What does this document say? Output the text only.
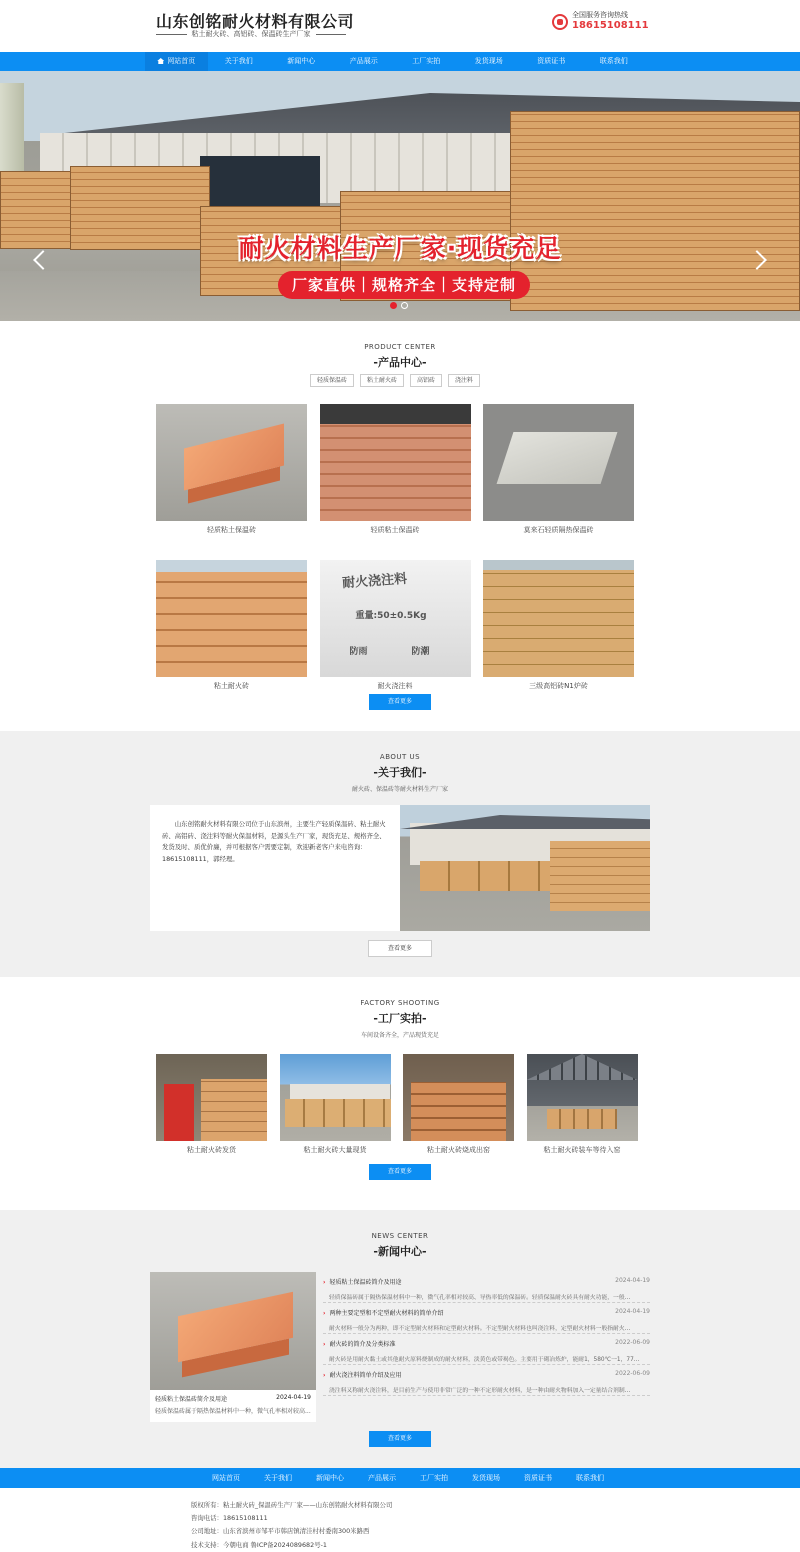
山东创铭耐火材料有限公司
粘土耐火砖、高铝砖、保温砖生产厂家
全国服务咨询热线
18615108111
网站首页	关于我们	新闻中心	产品展示	工厂实拍	发货现场	资质证书	联系我们
耐火材料生产厂家·现货充足
厂家直供｜规格齐全｜支持定制
PRODUCT CENTER
-产品中心-
轻质保温砖	粘土耐火砖	高铝砖	浇注料
轻质粘土保温砖	轻质粘土保温砖	莫来石轻质隔热保温砖
粘土耐火砖
耐火浇注料
重量:50±0.5Kg
防雨	防潮
耐火浇注料	三级高铝砖N1炉砖
查看更多
ABOUT US
-关于我们-
耐火砖、保温砖等耐火材料生产厂家
山东创铭耐火材料有限公司位于山东滨州，主要生产轻质保温砖、粘土耐火砖、高铝砖、浇注料等耐火保温材料，是源头生产厂家，现货充足、规格齐全、发货及时、质优价廉，并可根据客户需要定制，欢迎新老客户来电咨询：18615108111，郭经理。
查看更多
FACTORY SHOOTING
-工厂实拍-
车间设备齐全，产品现货充足
粘土耐火砖发货	粘土耐火砖大量现货	粘土耐火砖烧成出窑	粘土耐火砖装车等待入窑
查看更多
NEWS CENTER
-新闻中心-
轻质粘土保温砖简介及用途	2024-04-19
轻质保温砖属于隔热保温材料中一种，微气孔率相对较高...
› 轻质粘土保温砖简介及用途	2024-04-19
轻质保温砖属于隔热保温材料中一种，微气孔率相对较高、导热率低的保温砖。轻质保温耐火砖具有耐火功能，一般...
› 两种主要定型和不定型耐火材料的简单介绍	2024-04-19
耐火材料一般分为两种，即不定型耐火材料和定型耐火材料。不定型耐火材料也叫浇注料，定型耐火材料一般指耐火...
› 耐火砖的简介及分类标准	2022-06-09
耐火砖是用耐火黏土或其他耐火原料烧制成的耐火材料，淡黄色或带褐色。主要用于砌冶炼炉，能耐1，580℃一1，77...
› 耐火浇注料简单介绍及应用	2022-06-09
浇注料又称耐火浇注料，是目前生产与使用非常广泛的一种不定形耐火材料，是一种由耐火物料加入一定量结合剂制...
查看更多
网站首页	关于我们	新闻中心	产品展示	工厂实拍	发货现场	资质证书	联系我们
版权所有：粘土耐火砖_保温砖生产厂家——山东创铭耐火材料有限公司
咨询电话：18615108111
公司地址：山东省滨州市邹平市韩店镇清洼村村委南300米路西
技术支持：今朝电商 鲁ICP备2024089682号-1
